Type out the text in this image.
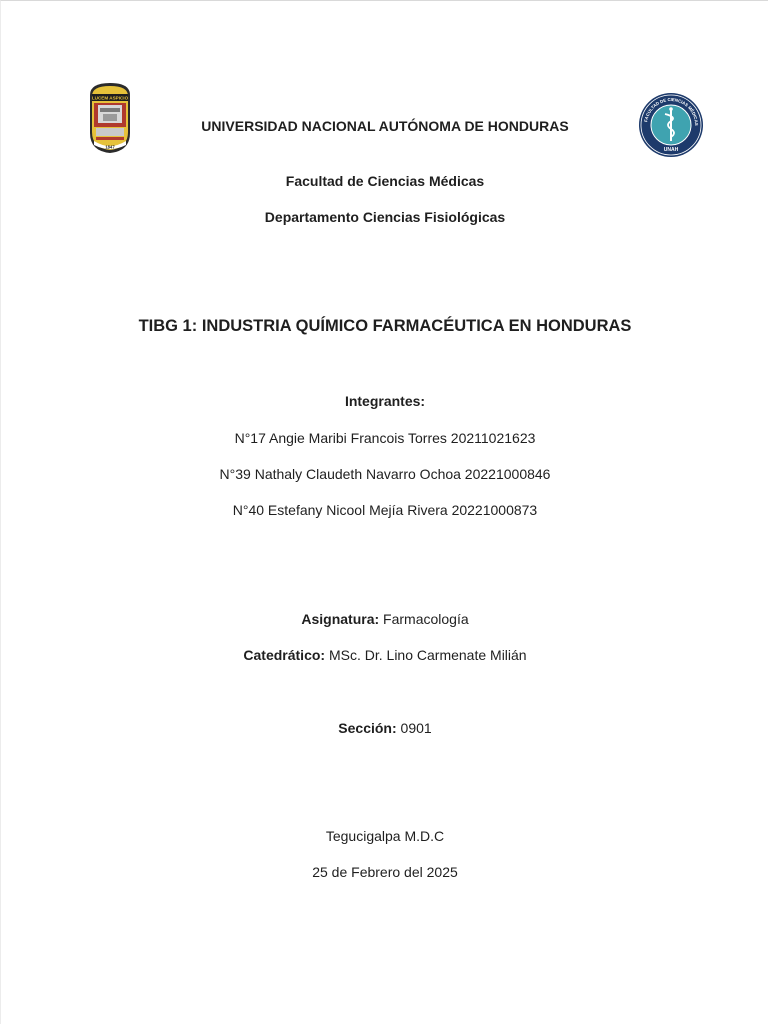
LUCEM ASPICIO
1847
FACULTAD DE CIENCIAS MÉDICAS
UNAH
UNIVERSIDAD NACIONAL AUTÓNOMA DE HONDURAS
Facultad de Ciencias Médicas
Departamento Ciencias Fisiológicas
TIBG 1: INDUSTRIA QUÍMICO FARMACÉUTICA EN HONDURAS
Integrantes:
N°17 Angie Maribi Francois Torres 20211021623
N°39 Nathaly Claudeth Navarro Ochoa 20221000846
N°40 Estefany Nicool Mejía Rivera 20221000873
Asignatura: Farmacología
Catedrático: MSc. Dr. Lino Carmenate Milián
Sección: 0901
Tegucigalpa M.D.C
25 de Febrero del 2025
